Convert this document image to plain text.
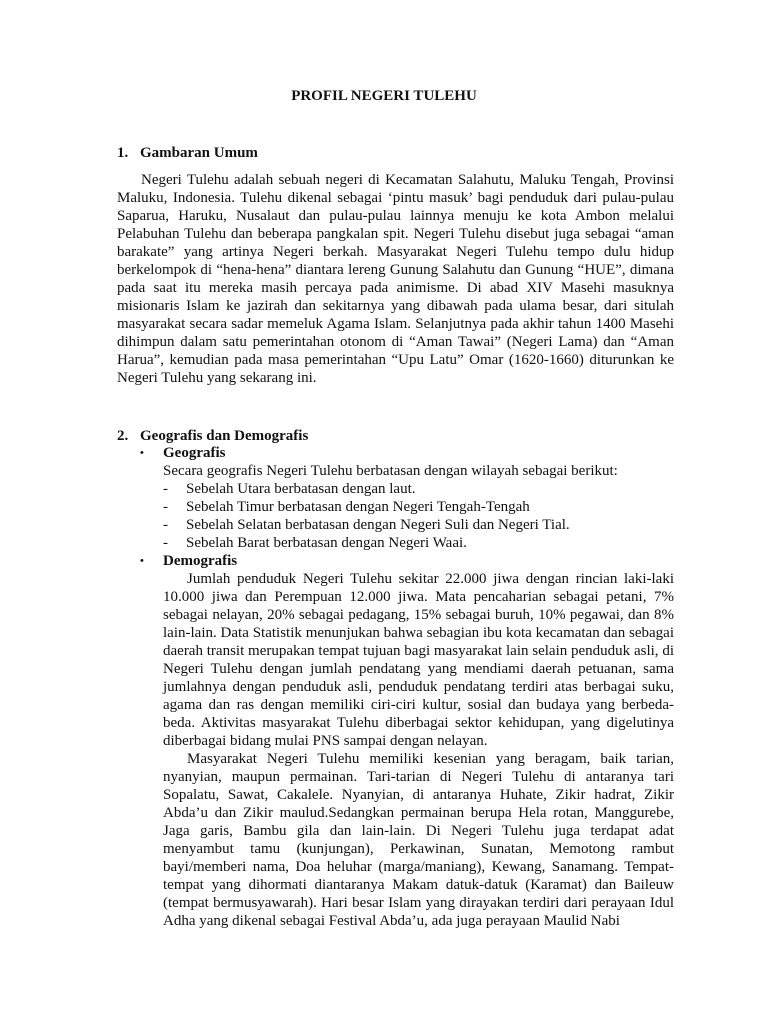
PROFIL NEGERI TULEHU
1. Gambaran Umum

Negeri Tulehu adalah sebuah negeri di Kecamatan Salahutu, Maluku Tengah, Provinsi Maluku, Indonesia. Tulehu dikenal sebagai ‘pintu masuk’ bagi penduduk dari pulau-pulau Saparua, Haruku, Nusalaut dan pulau-pulau lainnya menuju ke kota Ambon melalui Pelabuhan Tulehu dan beberapa pangkalan spit. Negeri Tulehu disebut juga sebagai “aman barakate” yang artinya Negeri berkah. Masyarakat Negeri Tulehu tempo dulu hidup berkelompok di “hena-hena” diantara lereng Gunung Salahutu dan Gunung “HUE”, dimana pada saat itu mereka masih percaya pada animisme. Di abad XIV Masehi masuknya misionaris Islam ke jazirah dan sekitarnya yang dibawah pada ulama besar, dari situlah masyarakat secara sadar memeluk Agama Islam. Selanjutnya pada akhir tahun 1400 Masehi dihimpun dalam satu pemerintahan otonom di “Aman Tawai” (Negeri Lama) dan “Aman Harua”, kemudian pada masa pemerintahan “Upu Latu” Omar (1620-1660) diturunkan ke Negeri Tulehu yang sekarang ini.

2. Geografis dan Demografis
• Geografis
Secara geografis Negeri Tulehu berbatasan dengan wilayah sebagai berikut:
- Sebelah Utara berbatasan dengan laut.
- Sebelah Timur berbatasan dengan Negeri Tengah-Tengah
- Sebelah Selatan berbatasan dengan Negeri Suli dan Negeri Tial.
- Sebelah Barat berbatasan dengan Negeri Waai.
• Demografis

Jumlah penduduk Negeri Tulehu sekitar 22.000 jiwa dengan rincian laki-laki 10.000 jiwa dan Perempuan 12.000 jiwa. Mata pencaharian sebagai petani, 7% sebagai nelayan, 20% sebagai pedagang, 15% sebagai buruh, 10% pegawai, dan 8% lain-lain. Data Statistik menunjukan bahwa sebagian ibu kota kecamatan dan sebagai daerah transit merupakan tempat tujuan bagi masyarakat lain selain penduduk asli, di Negeri Tulehu dengan jumlah pendatang yang mendiami daerah petuanan, sama jumlahnya dengan penduduk asli, penduduk pendatang terdiri atas berbagai suku, agama dan ras dengan memiliki ciri-ciri kultur, sosial dan budaya yang berbeda-beda. Aktivitas masyarakat Tulehu diberbagai sektor kehidupan, yang digelutinya diberbagai bidang mulai PNS sampai dengan nelayan.

Masyarakat Negeri Tulehu memiliki kesenian yang beragam, baik tarian, nyanyian, maupun permainan. Tari-tarian di Negeri Tulehu di antaranya tari Sopalatu, Sawat, Cakalele. Nyanyian, di antaranya Huhate, Zikir hadrat, Zikir Abda’u dan Zikir maulud.Sedangkan permainan berupa Hela rotan, Manggurebe, Jaga garis, Bambu gila dan lain-lain. Di Negeri Tulehu juga terdapat adat menyambut tamu (kunjungan), Perkawinan, Sunatan, Memotong rambut bayi/memberi nama, Doa heluhar (marga/maniang), Kewang, Sanamang. Tempat-tempat yang dihormati diantaranya Makam datuk-datuk (Karamat) dan Baileuw (tempat bermusyawarah). Hari besar Islam yang dirayakan terdiri dari perayaan Idul Adha yang dikenal sebagai Festival Abda’u, ada juga perayaan Maulid Nabi
